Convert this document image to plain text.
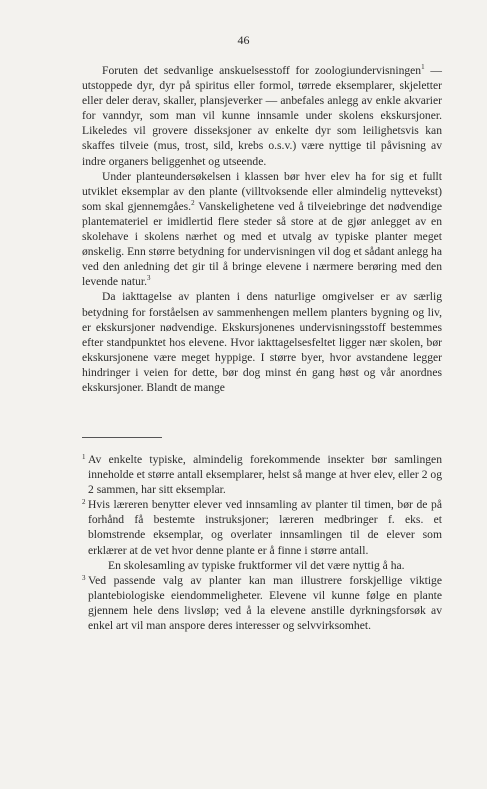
46

Foruten det sedvanlige anskuelsesstoff for zoologiundervisningen$^1$ — utstoppede dyr, dyr på spiritus eller formol, tørrede eksemplarer, skjeletter eller deler derav, skaller, plansjeverker — anbefales anlegg av enkle akvarier for vanndyr, som man vil kunne innsamle under skolens ekskursjoner. Likeledes vil grovere disseksjoner av enkelte dyr som leilighetsvis kan skaffes tilveie (mus, trost, sild, krebs o.s.v.) være nyttige til påvisning av indre organers beliggenhet og utseende.

Under planteundersøkelsen i klassen bør hver elev ha for sig et fullt utviklet eksemplar av den plante (villtvoksende eller almindelig nyttevekst) som skal gjennemgåes.$^2$ Vanskelighetene ved å tilveiebringe det nødvendige plantemateriel er imidlertid flere steder så store at de gjør anlegget av en skolehave i skolens nærhet og med et utvalg av typiske planter meget ønskelig. Enn større betydning for undervisningen vil dog et sådant anlegg ha ved den anledning det gir til å bringe elevene i nærmere berøring med den levende natur.$^3$

Da iakttagelse av planten i dens naturlige omgivelser er av særlig betydning for forståelsen av sammenhengen mellem planters bygning og liv, er ekskursjoner nødvendige. Ekskursjonenes undervisningsstoff bestemmes efter standpunktet hos elevene. Hvor iakttagelsesfeltet ligger nær skolen, bør ekskursjonene være meget hyppige. I større byer, hvor avstandene legger hindringer i veien for dette, bør dog minst én gang høst og vår anordnes ekskursjoner. Blandt de mange

1 Av enkelte typiske, almindelig forekommende insekter bør samlingen inneholde et større antall eksemplarer, helst så mange at hver elev, eller 2 og 2 sammen, har sitt eksemplar.

2 Hvis læreren benytter elever ved innsamling av planter til timen, bør de på forhånd få bestemte instruksjoner; læreren medbringer f. eks. et blomstrende eksemplar, og overlater innsamlingen til de elever som erklærer at de vet hvor denne plante er å finne i større antall.

En skolesamling av typiske fruktformer vil det være nyttig å ha.

3 Ved passende valg av planter kan man illustrere forskjellige viktige plantebiologiske eiendommeligheter. Elevene vil kunne følge en plante gjennem hele dens livsløp; ved å la elevene anstille dyrkningsforsøk av enkel art vil man anspore deres interesser og selvvirksomhet.
